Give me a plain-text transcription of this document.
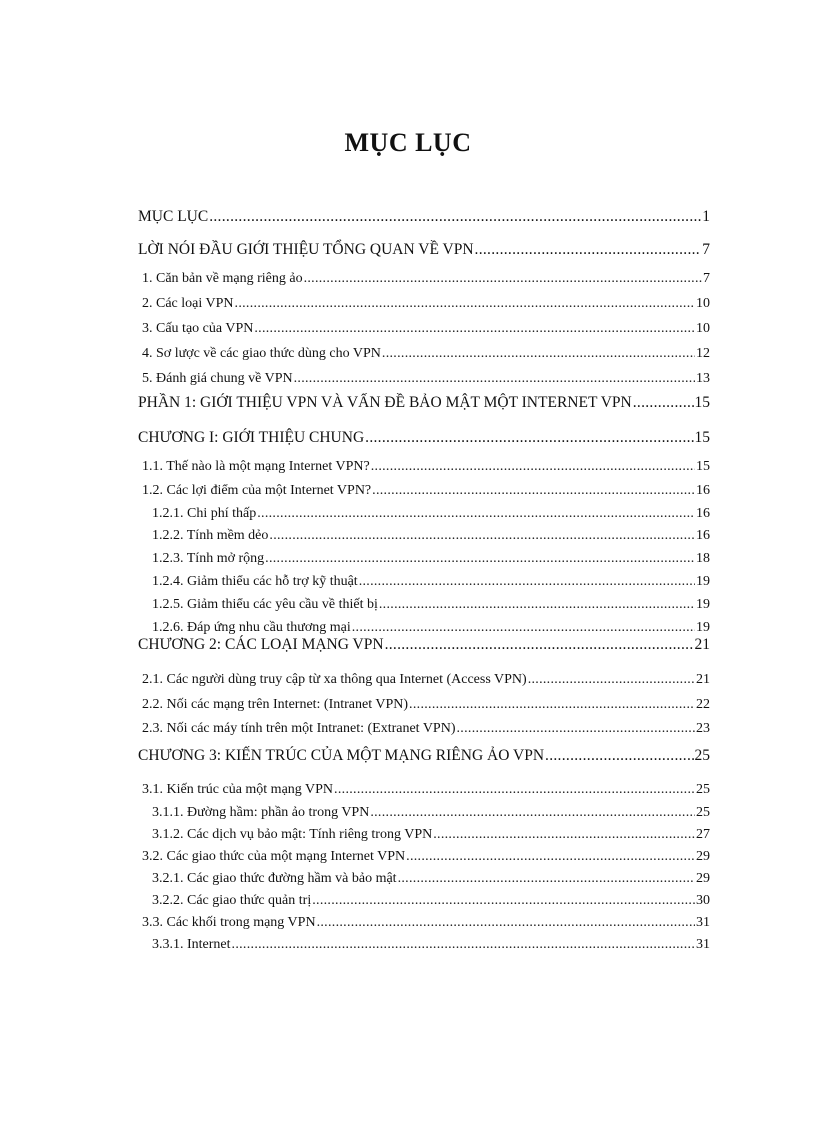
MỤC LỤC
MỤC LỤC .....	1
LỜI NÓI ĐẦU GIỚI THIỆU TỔNG QUAN VỀ VPN .....	7
1. Căn bản về mạng riêng ảo .....	7
2. Các loại VPN .....	10
3. Cấu tạo của VPN .....	10
4. Sơ lược về các giao thức dùng cho VPN .....	12
5. Đánh giá chung về VPN .....	13
PHẦN 1: GIỚI THIỆU VPN VÀ VẤN ĐỀ BẢO MẬT MỘT INTERNET VPN .....	15
CHƯƠNG I: GIỚI THIỆU CHUNG .....	15
1.1. Thế nào là một mạng Internet VPN? .....	15
1.2. Các lợi điểm của một Internet VPN? .....	16
1.2.1. Chi phí thấp .....	16
1.2.2. Tính mềm dẻo .....	16
1.2.3. Tính mở rộng .....	18
1.2.4. Giảm thiểu các hỗ trợ kỹ thuật .....	19
1.2.5. Giảm thiểu các yêu cầu về thiết bị .....	19
1.2.6. Đáp ứng nhu cầu thương mại .....	19
CHƯƠNG 2: CÁC LOẠI MẠNG VPN .....	21
2.1. Các người dùng truy cập từ xa thông qua Internet (Access VPN) .....	21
2.2. Nối các mạng trên Internet: (Intranet VPN) .....	22
2.3. Nối các máy tính trên một Intranet: (Extranet VPN) .....	23
CHƯƠNG 3: KIẾN TRÚC CỦA MỘT MẠNG RIÊNG ẢO VPN .....	25
3.1. Kiến trúc của một mạng VPN .....	25
3.1.1. Đường hầm: phần ảo trong VPN .....	25
3.1.2. Các dịch vụ bảo mật: Tính riêng trong VPN .....	27
3.2. Các giao thức của một mạng Internet VPN .....	29
3.2.1. Các giao thức đường hầm và bảo mật .....	29
3.2.2. Các giao thức quản trị .....	30
3.3. Các khối trong mạng VPN .....	31
3.3.1. Internet .....	31
